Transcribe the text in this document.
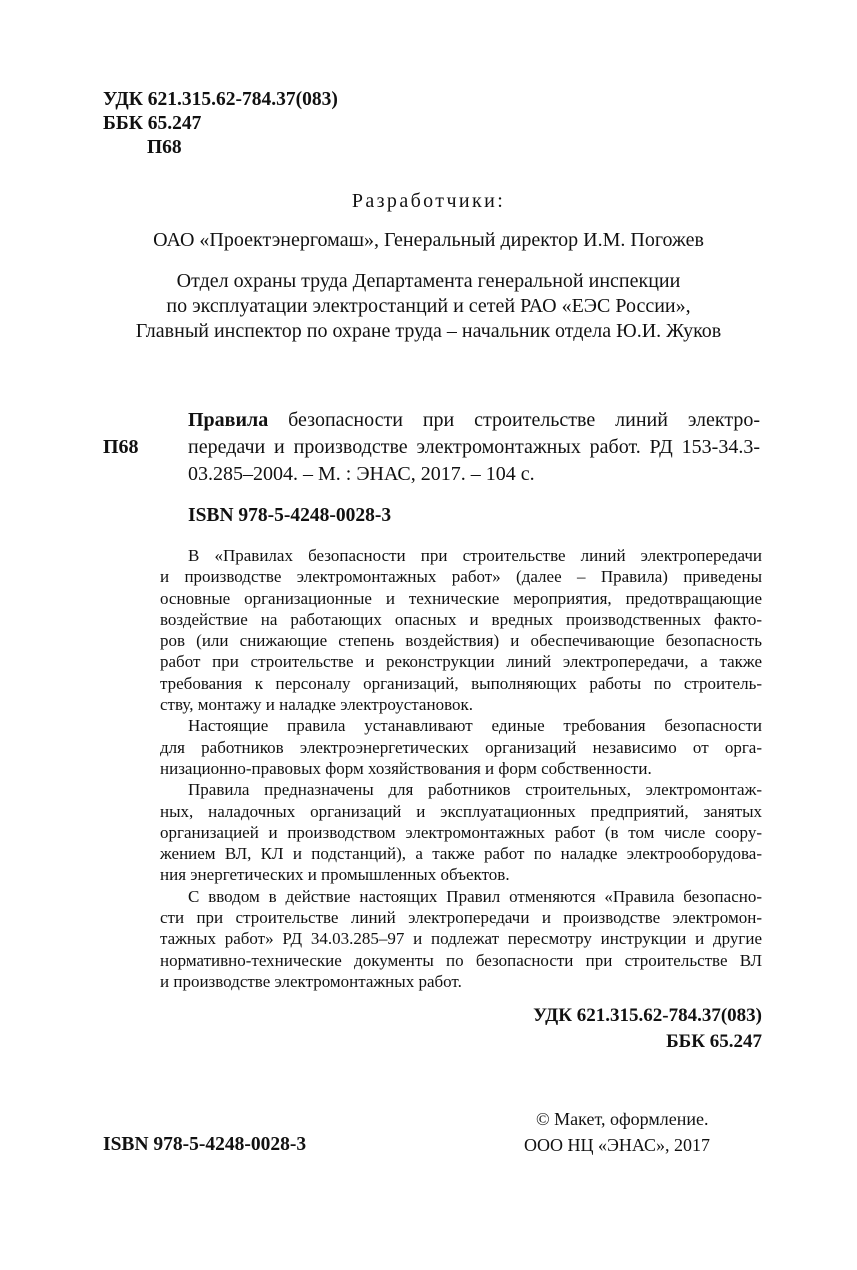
УДК 621.315.62-784.37(083)
ББК 65.247
П68
Разработчики:
ОАО «Проектэнергомаш», Генеральный директор И.М. Погожев
Отдел охраны труда Департамента генеральной инспекции
по эксплуатации электростанций и сетей РАО «ЕЭС России»,
Главный инспектор по охране труда – начальник отдела Ю.И. Жуков
П68
Правила безопасности при строительстве линий электро-
передачи и производстве электромонтажных работ. РД 153-34.3-
03.285–2004. – М. : ЭНАС, 2017. – 104 с.
ISBN 978-5-4248-0028-3
В «Правилах безопасности при строительстве линий электропередачи
и производстве электромонтажных работ» (далее – Правила) приведены
основные организационные и технические мероприятия, предотвращающие
воздействие на работающих опасных и вредных производственных факто-
ров (или снижающие степень воздействия) и обеспечивающие безопасность
работ при строительстве и реконструкции линий электропередачи, а также
требования к персоналу организаций, выполняющих работы по строитель-
ству, монтажу и наладке электроустановок.
Настоящие правила устанавливают единые требования безопасности
для работников электроэнергетических организаций независимо от орга-
низационно-правовых форм хозяйствования и форм собственности.
Правила предназначены для работников строительных, электромонтаж-
ных, наладочных организаций и эксплуатационных предприятий, занятых
организацией и производством электромонтажных работ (в том числе соору-
жением ВЛ, КЛ и подстанций), а также работ по наладке электрооборудова-
ния энергетических и промышленных объектов.
С вводом в действие настоящих Правил отменяются «Правила безопасно-
сти при строительстве линий электропередачи и производстве электромон-
тажных работ» РД 34.03.285–97 и подлежат пересмотру инструкции и другие
нормативно-технические документы по безопасности при строительстве ВЛ
и производстве электромонтажных работ.
УДК 621.315.62-784.37(083)
ББК 65.247
ISBN 978-5-4248-0028-3
© Макет, оформление.
ООО НЦ «ЭНАС», 2017
